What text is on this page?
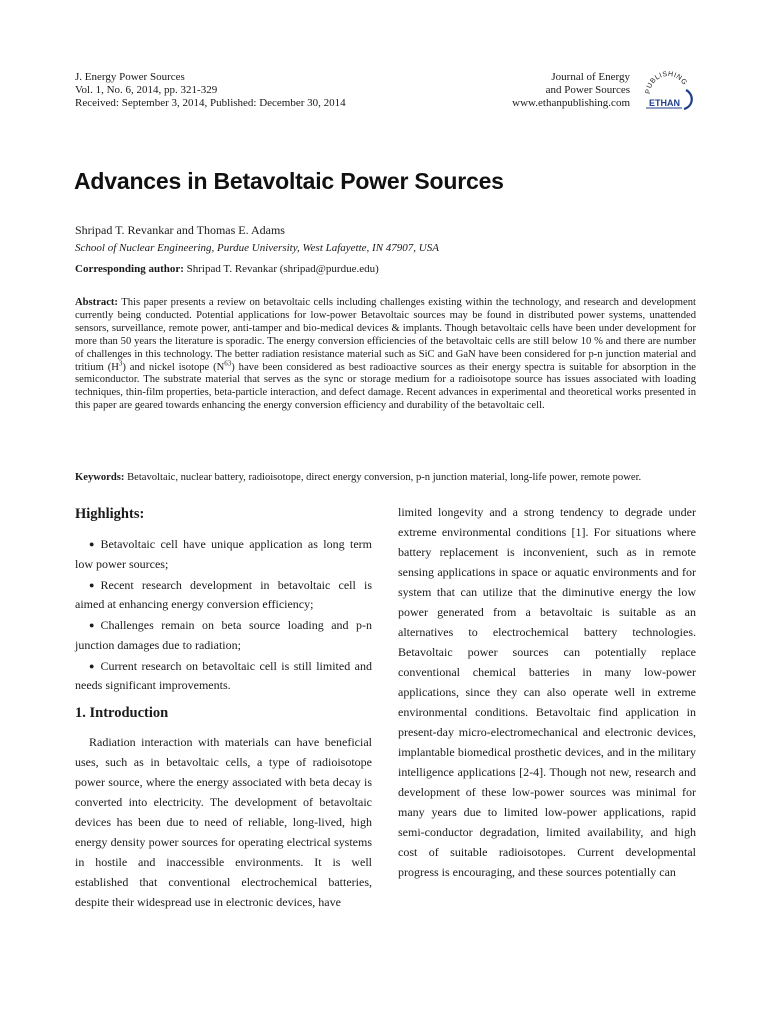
J. Energy Power Sources
Vol. 1, No. 6, 2014, pp. 321-329
Received: September 3, 2014, Published: December 30, 2014
Journal of Energy
and Power Sources
www.ethanpublishing.com
PUBLISHING
ETHAN
Advances in Betavoltaic Power Sources
Shripad T. Revankar and Thomas E. Adams
School of Nuclear Engineering, Purdue University, West Lafayette, IN 47907, USA
Corresponding author: Shripad T. Revankar (shripad@purdue.edu)
Abstract: This paper presents a review on betavoltaic cells including challenges existing within the technology, and research and development currently being conducted. Potential applications for low-power Betavoltaic sources may be found in distributed power systems, unattended sensors, surveillance, remote power, anti-tamper and bio-medical devices & implants. Though betavoltaic cells have been under development for more than 50 years the literature is sporadic. The energy conversion efficiencies of the betavoltaic cells are still below 10 % and there are number of challenges in this technology. The better radiation resistance material such as SiC and GaN have been considered for p-n junction material and tritium $(H^3)$ and nickel isotope $(N^{63})$ have been considered as best radioactive sources as their energy spectra is suitable for absorption in the semiconductor. The substrate material that serves as the sync or storage medium for a radioisotope source has issues associated with loading techniques, thin-film properties, beta-particle interaction, and defect damage. Recent advances in experimental and theoretical works presented in this paper are geared towards enhancing the energy conversion efficiency and durability of the betavoltaic cell.
Keywords: Betavoltaic, nuclear battery, radioisotope, direct energy conversion, p-n junction material, long-life power, remote power.
Highlights:
● Betavoltaic cell have unique application as long term low power sources;
● Recent research development in betavoltaic cell is aimed at enhancing energy conversion efficiency;
● Challenges remain on beta source loading and p-n junction damages due to radiation;
● Current research on betavoltaic cell is still limited and needs significant improvements.
1. Introduction

Radiation interaction with materials can have beneficial uses, such as in betavoltaic cells, a type of radioisotope power source, where the energy associated with beta decay is converted into electricity. The development of betavoltaic devices has been due to need of reliable, long-lived, high energy density power sources for operating electrical systems in hostile and inaccessible environments. It is well established that conventional electrochemical batteries, despite their widespread use in electronic devices, have

limited longevity and a strong tendency to degrade under extreme environmental conditions [1]. For situations where battery replacement is inconvenient, such as in remote sensing applications in space or aquatic environments and for system that can utilize that the diminutive energy the low power generated from a betavoltaic is suitable as an alternatives to electrochemical battery technologies. Betavoltaic power sources can potentially replace conventional chemical batteries in many low-power applications, since they can also operate well in extreme environmental conditions. Betavoltaic find application in present-day micro-electromechanical and electronic devices, implantable biomedical prosthetic devices, and in the military intelligence applications [2-4]. Though not new, research and development of these low-power sources was minimal for many years due to limited low-power applications, rapid semi-conductor degradation, limited availability, and high cost of suitable radioisotopes. Current developmental progress is encouraging, and these sources potentially can
